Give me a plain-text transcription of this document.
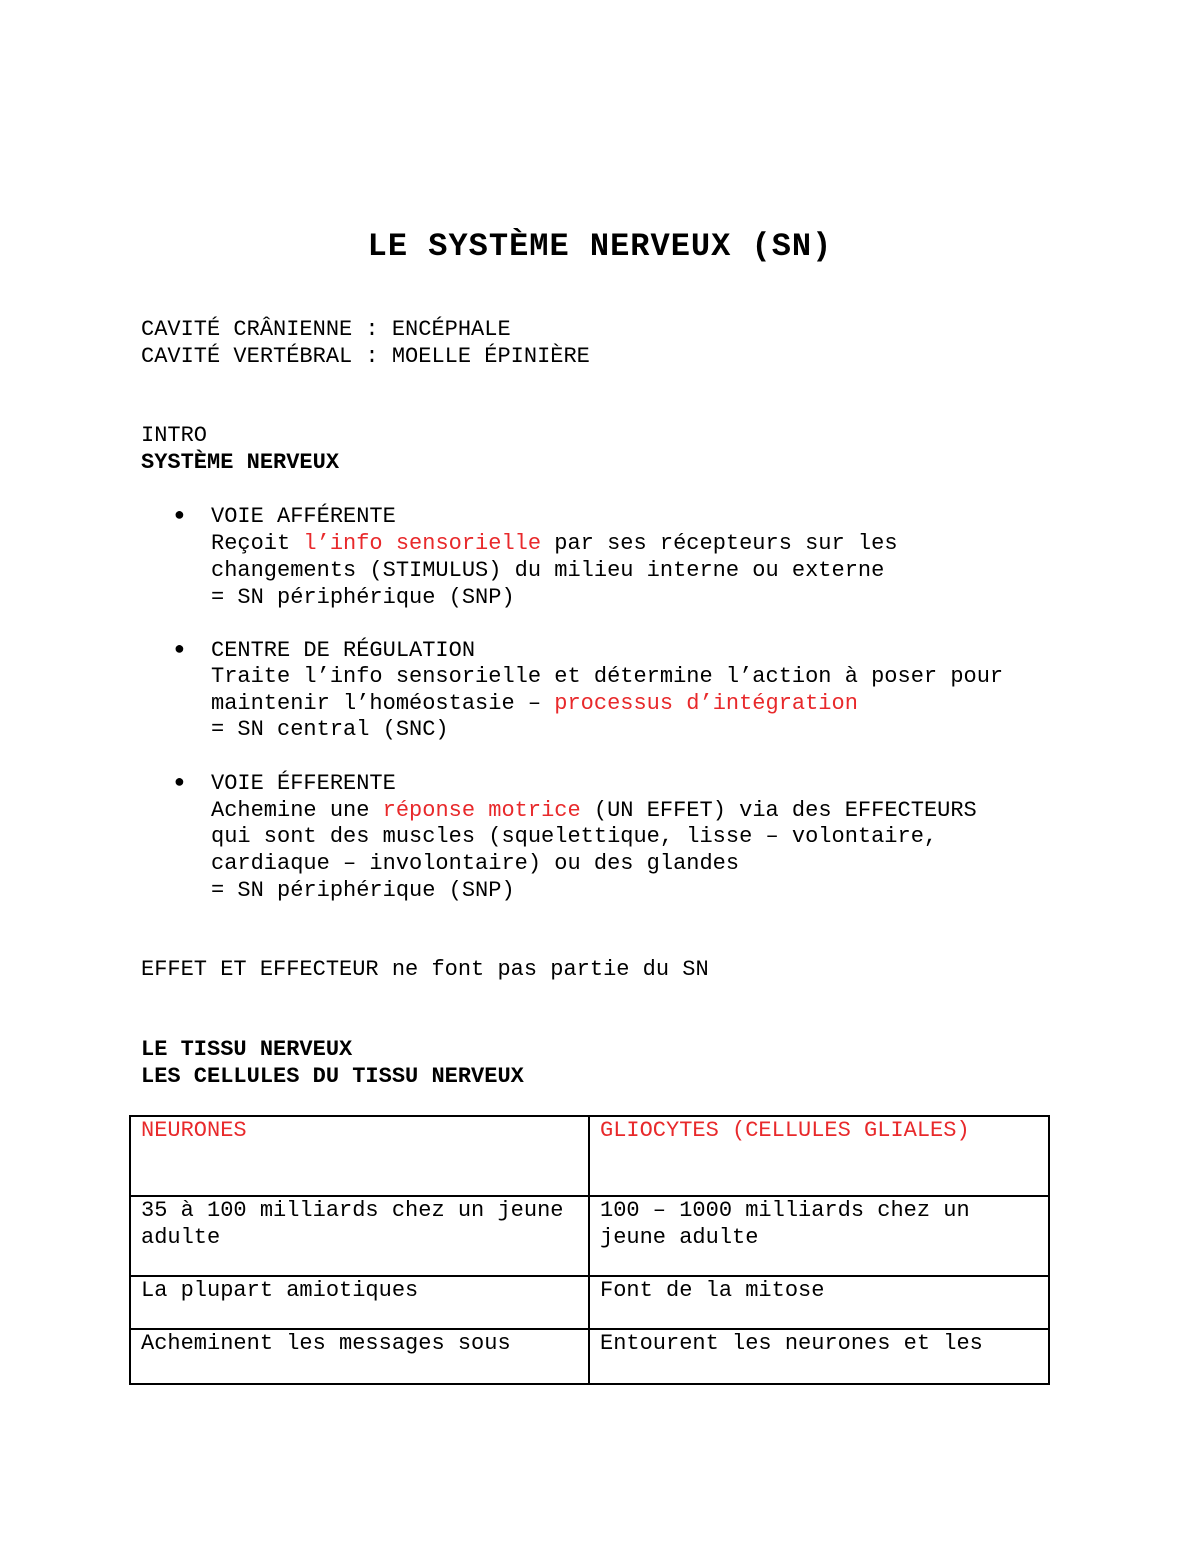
LE SYSTÈME NERVEUX (SN)
CAVITÉ CRÂNIENNE : ENCÉPHALE
CAVITÉ VERTÉBRAL : MOELLE ÉPINIÈRE
INTRO
SYSTÈME NERVEUX
● VOIE AFFÉRENTE
Reçoit l’info sensorielle par ses récepteurs sur les
changements (STIMULUS) du milieu interne ou externe
= SN périphérique (SNP)
● CENTRE DE RÉGULATION
Traite l’info sensorielle et détermine l’action à poser pour
maintenir l’homéostasie – processus d’intégration
= SN central (SNC)
● VOIE ÉFFERENTE
Achemine une réponse motrice (UN EFFET) via des EFFECTEURS
qui sont des muscles (squelettique, lisse – volontaire,
cardiaque – involontaire) ou des glandes
= SN périphérique (SNP)
EFFET ET EFFECTEUR ne font pas partie du SN
LE TISSU NERVEUX
LES CELLULES DU TISSU NERVEUX
NEURONES	GLIOCYTES (CELLULES GLIALES)
35 à 100 milliards chez un jeune adulte	100 – 1000 milliards chez un jeune adulte
La plupart amiotiques	Font de la mitose
Acheminent les messages sous	Entourent les neurones et les
